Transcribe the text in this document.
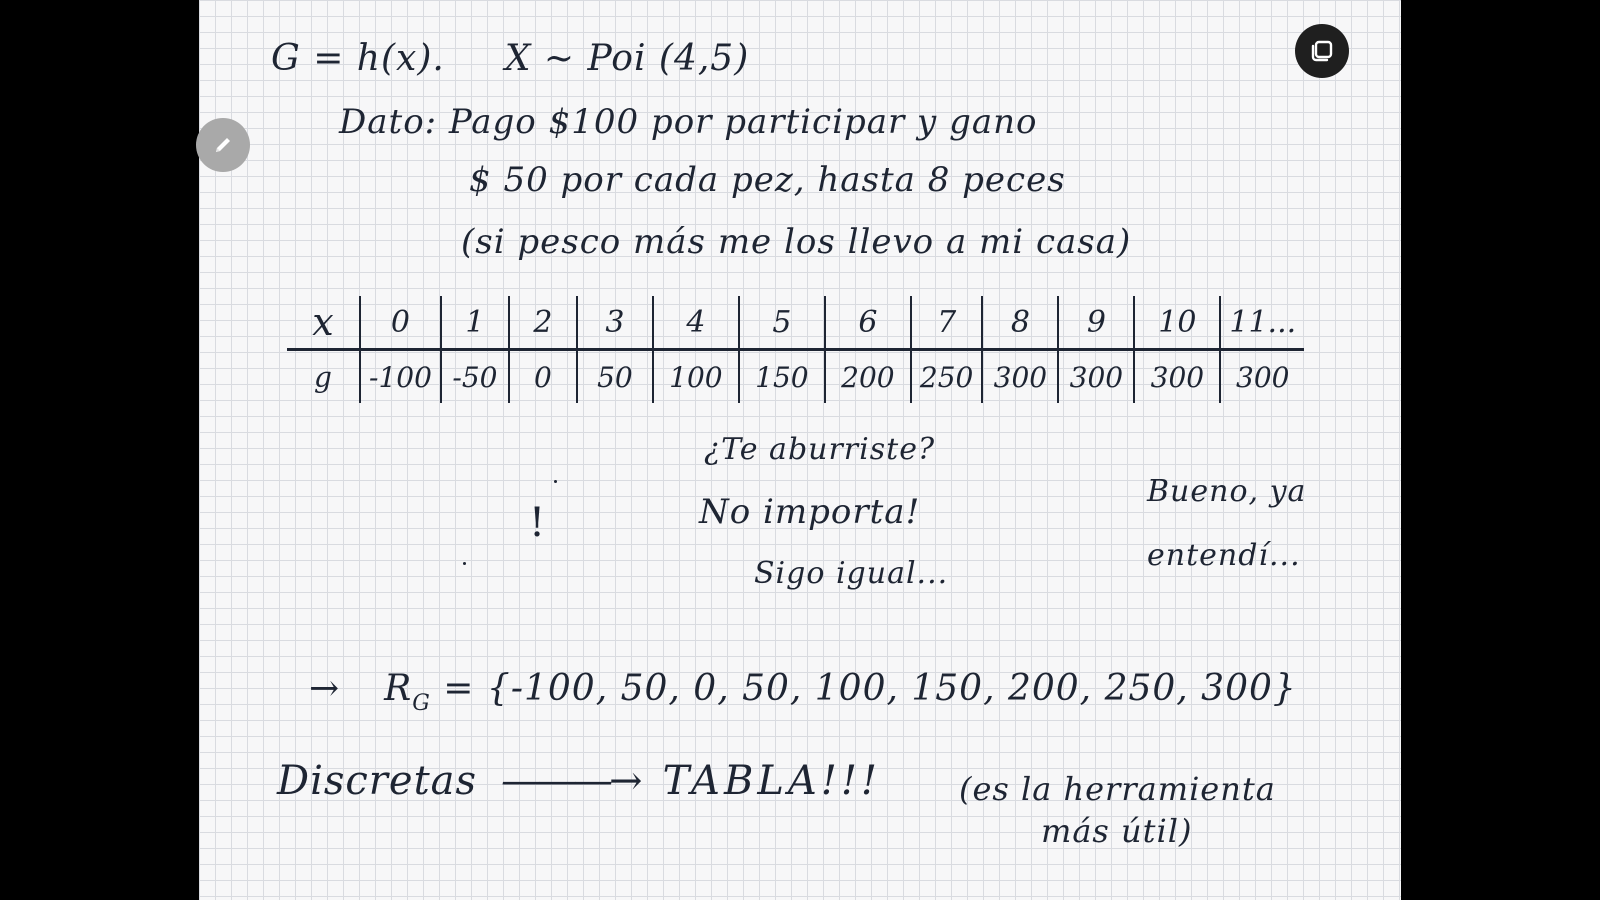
G = h(x). X ~ Poi (4,5)
Dato: Pago $100 por participar y gano
$ 50 por cada pez, hasta 8 peces
(si pesco más me los llevo a mi casa)
x	0	1	2	3	4	5	6	7	8	9	10	11...
g	-100	-50	0	50	100	150	200	250	300	300	300	300
¿Te aburriste?
No importa!
Sigo igual...
Bueno, ya
entendí...
!
→ $R_G = \{-100$, 50, 0, 50, 100, 150, 200, 250, 300}
Discretas ———→ TABLA!!! (es la herramienta
más útil)
